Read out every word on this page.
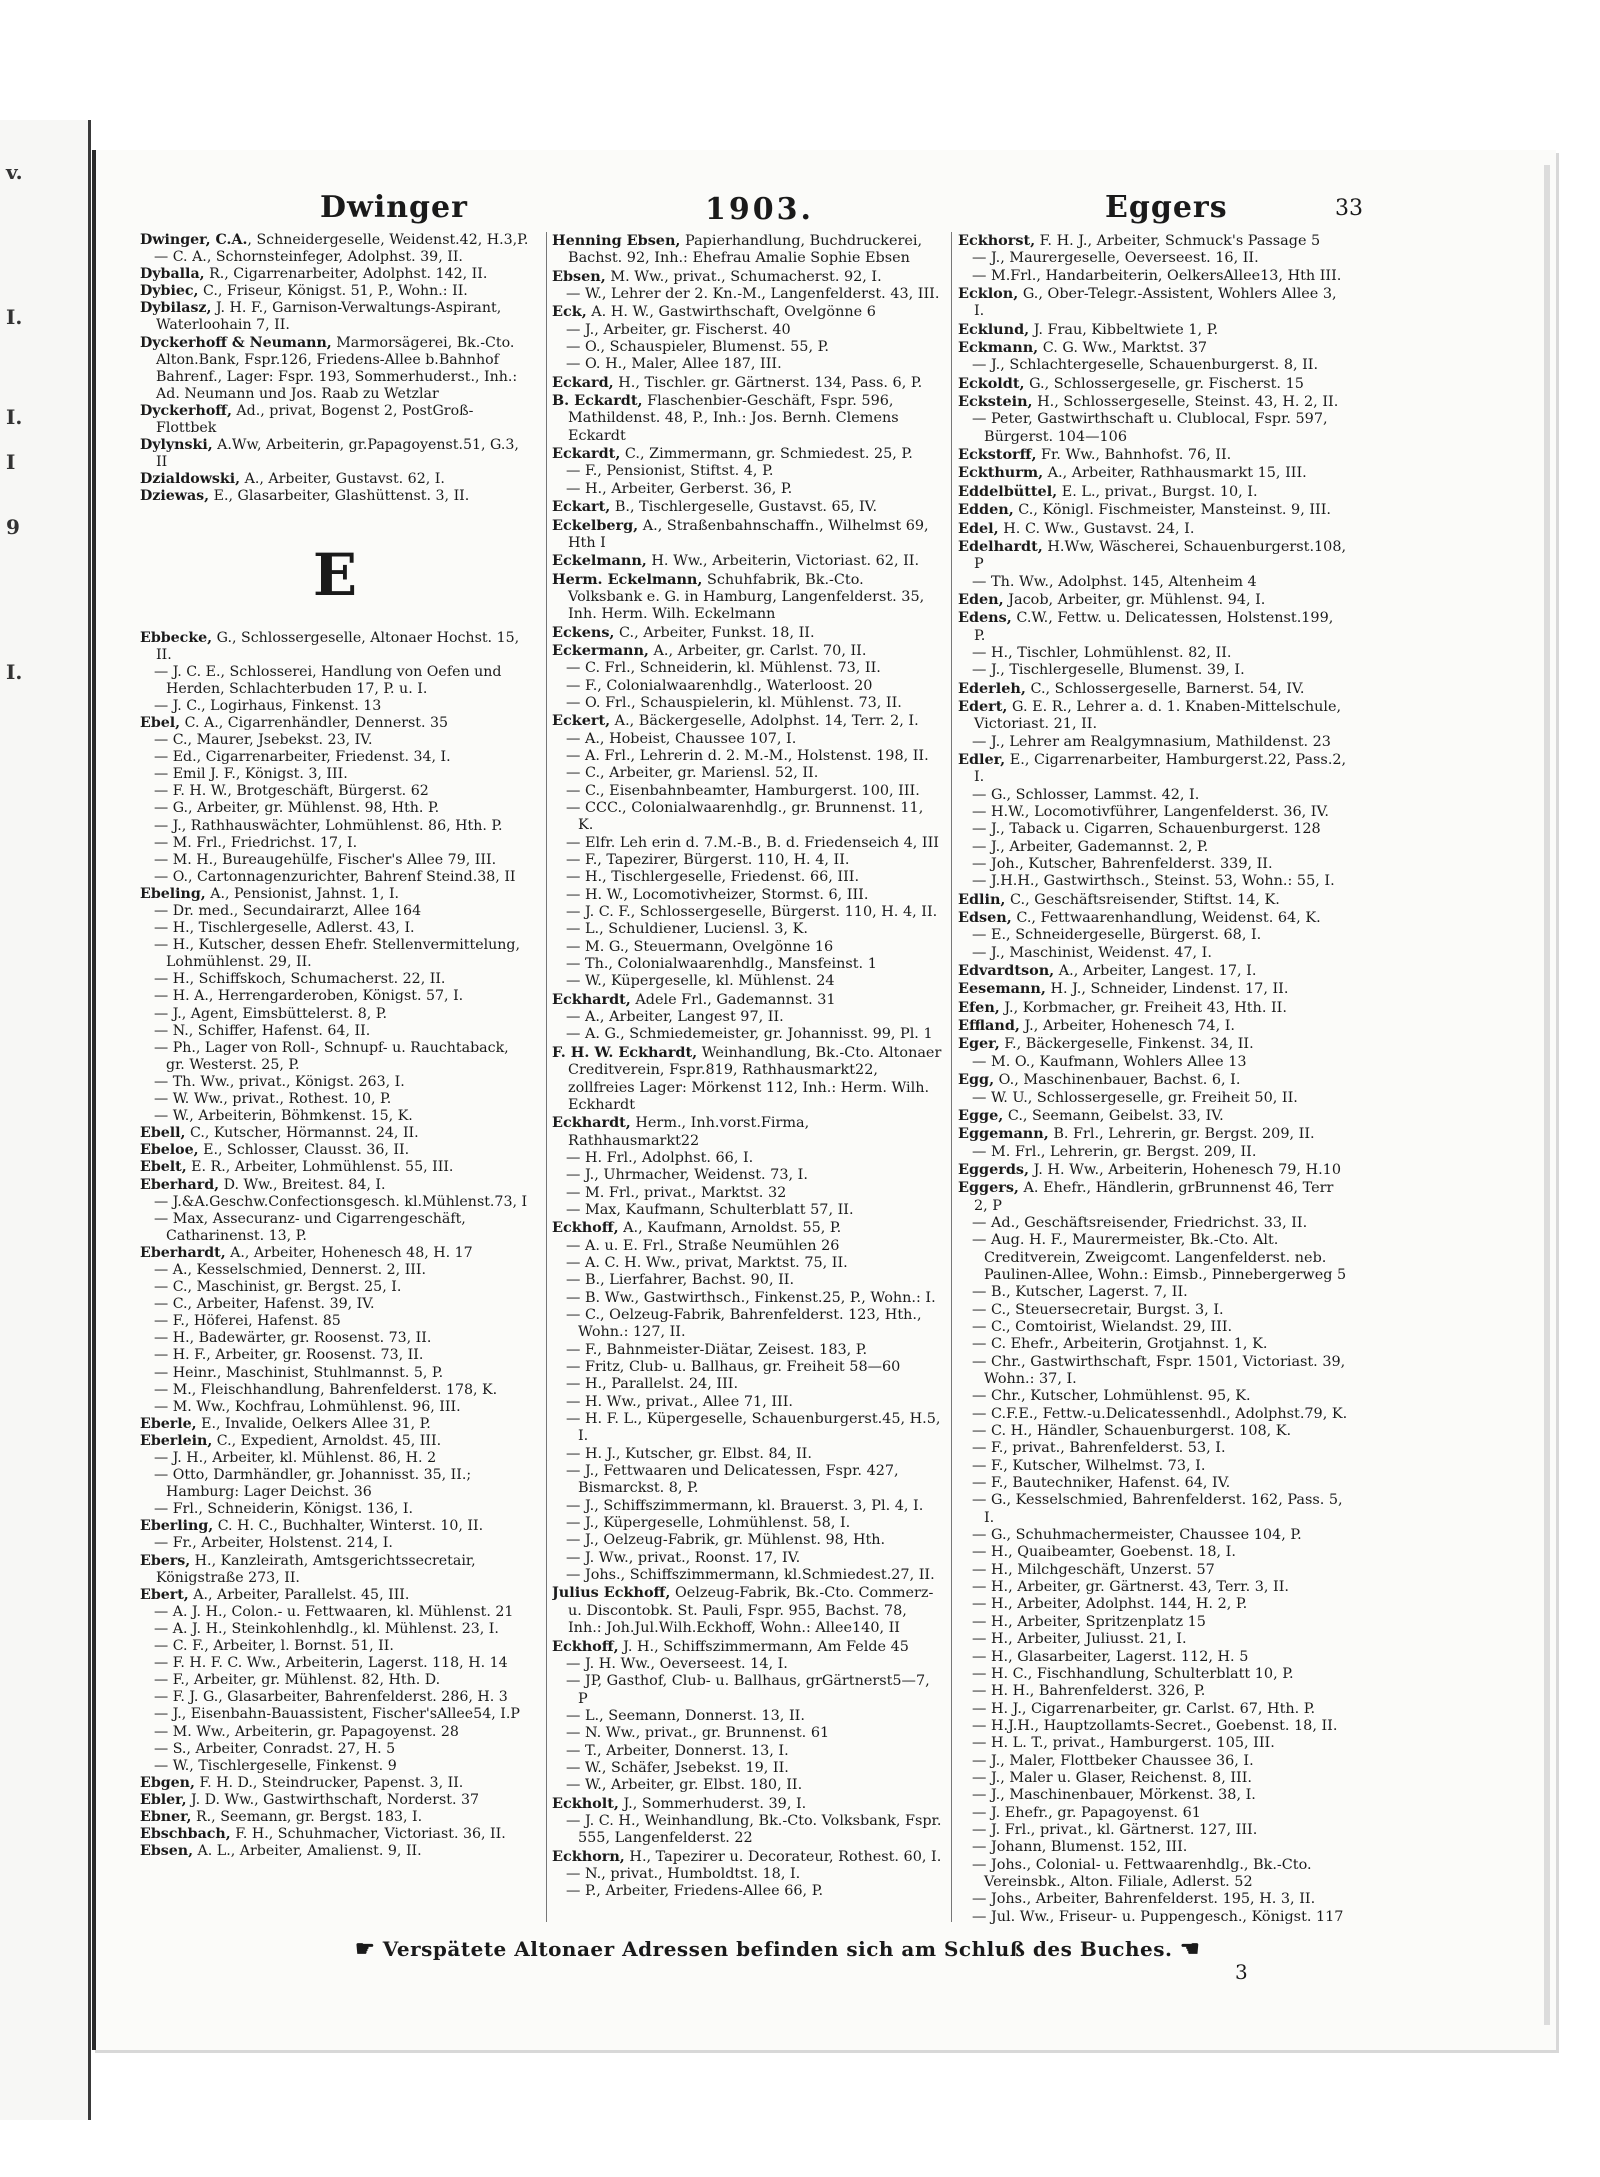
v.
I.
I.
I
9
I.
Dwinger	1903.	Eggers	33
Dwinger, C.A., Schneidergeselle, Weidenst.42, H.3,P.
— C. A., Schornsteinfeger, Adolphst. 39, II.
Dyballa, R., Cigarrenarbeiter, Adolphst. 142, II.
Dybiec, C., Friseur, Königst. 51, P., Wohn.: II.
Dybilasz, J. H. F., Garnison-Verwaltungs-Aspirant, Waterloohain 7, II.
Dyckerhoff & Neumann, Marmorsägerei, Bk.-Cto. Alton.Bank, Fspr.126, Friedens-Allee b.Bahnhof Bahrenf., Lager: Fspr. 193, Sommerhuderst., Inh.: Ad. Neumann und Jos. Raab zu Wetzlar
Dyckerhoff, Ad., privat, Bogenst 2, PostGroß-Flottbek
Dylynski, A.Ww, Arbeiterin, gr.Papagoyenst.51, G.3, II
Dzialdowski, A., Arbeiter, Gustavst. 62, I.
Dziewas, E., Glasarbeiter, Glashüttenst. 3, II.
E
Ebbecke, G., Schlossergeselle, Altonaer Hochst. 15, II.
— J. C. E., Schlosserei, Handlung von Oefen und Herden, Schlachterbuden 17, P. u. I.
— J. C., Logirhaus, Finkenst. 13
Ebel, C. A., Cigarrenhändler, Dennerst. 35
— C., Maurer, Jsebekst. 23, IV.
— Ed., Cigarrenarbeiter, Friedenst. 34, I.
— Emil J. F., Königst. 3, III.
— F. H. W., Brotgeschäft, Bürgerst. 62
— G., Arbeiter, gr. Mühlenst. 98, Hth. P.
— J., Rathhauswächter, Lohmühlenst. 86, Hth. P.
— M. Frl., Friedrichst. 17, I.
— M. H., Bureaugehülfe, Fischer's Allee 79, III.
— O., Cartonnagenzurichter, Bahrenf Steind.38, II
Ebeling, A., Pensionist, Jahnst. 1, I.
— Dr. med., Secundairarzt, Allee 164
— H., Tischlergeselle, Adlerst. 43, I.
— H., Kutscher, dessen Ehefr. Stellenvermittelung, Lohmühlenst. 29, II.
— H., Schiffskoch, Schumacherst. 22, II.
— H. A., Herrengarderoben, Königst. 57, I.
— J., Agent, Eimsbüttelerst. 8, P.
— N., Schiffer, Hafenst. 64, II.
— Ph., Lager von Roll-, Schnupf- u. Rauchtaback, gr. Westerst. 25, P.
— Th. Ww., privat., Königst. 263, I.
— W. Ww., privat., Rothest. 10, P.
— W., Arbeiterin, Böhmkenst. 15, K.
Ebell, C., Kutscher, Hörmannst. 24, II.
Ebeloe, E., Schlosser, Clausst. 36, II.
Ebelt, E. R., Arbeiter, Lohmühlenst. 55, III.
Eberhard, D. Ww., Breitest. 84, I.
— J.&A.Geschw.Confectionsgesch. kl.Mühlenst.73, I
— Max, Assecuranz- und Cigarrengeschäft, Catharinenst. 13, P.
Eberhardt, A., Arbeiter, Hohenesch 48, H. 17
— A., Kesselschmied, Dennerst. 2, III.
— C., Maschinist, gr. Bergst. 25, I.
— C., Arbeiter, Hafenst. 39, IV.
— F., Höferei, Hafenst. 85
— H., Badewärter, gr. Roosenst. 73, II.
— H. F., Arbeiter, gr. Roosenst. 73, II.
— Heinr., Maschinist, Stuhlmannst. 5, P.
— M., Fleischhandlung, Bahrenfelderst. 178, K.
— M. Ww., Kochfrau, Lohmühlenst. 96, III.
Eberle, E., Invalide, Oelkers Allee 31, P.
Eberlein, C., Expedient, Arnoldst. 45, III.
— J. H., Arbeiter, kl. Mühlenst. 86, H. 2
— Otto, Darmhändler, gr. Johannisst. 35, II.; Hamburg: Lager Deichst. 36
— Frl., Schneiderin, Königst. 136, I.
Eberling, C. H. C., Buchhalter, Winterst. 10, II.
— Fr., Arbeiter, Holstenst. 214, I.
Ebers, H., Kanzleirath, Amtsgerichtssecretair, Königstraße 273, II.
Ebert, A., Arbeiter, Parallelst. 45, III.
— A. J. H., Colon.- u. Fettwaaren, kl. Mühlenst. 21
— A. J. H., Steinkohlenhdlg., kl. Mühlenst. 23, I.
— C. F., Arbeiter, l. Bornst. 51, II.
— F. H. F. C. Ww., Arbeiterin, Lagerst. 118, H. 14
— F., Arbeiter, gr. Mühlenst. 82, Hth. D.
— F. J. G., Glasarbeiter, Bahrenfelderst. 286, H. 3
— J., Eisenbahn-Bauassistent, Fischer'sAllee54, I.P
— M. Ww., Arbeiterin, gr. Papagoyenst. 28
— S., Arbeiter, Conradst. 27, H. 5
— W., Tischlergeselle, Finkenst. 9
Ebgen, F. H. D., Steindrucker, Papenst. 3, II.
Ebler, J. D. Ww., Gastwirthschaft, Norderst. 37
Ebner, R., Seemann, gr. Bergst. 183, I.
Ebschbach, F. H., Schuhmacher, Victoriast. 36, II.
Ebsen, A. L., Arbeiter, Amalienst. 9, II.
Henning Ebsen, Papierhandlung, Buchdruckerei, Bachst. 92, Inh.: Ehefrau Amalie Sophie Ebsen
Ebsen, M. Ww., privat., Schumacherst. 92, I.
— W., Lehrer der 2. Kn.-M., Langenfelderst. 43, III.
Eck, A. H. W., Gastwirthschaft, Ovelgönne 6
— J., Arbeiter, gr. Fischerst. 40
— O., Schauspieler, Blumenst. 55, P.
— O. H., Maler, Allee 187, III.
Eckard, H., Tischler. gr. Gärtnerst. 134, Pass. 6, P.
B. Eckardt, Flaschenbier-Geschäft, Fspr. 596, Mathildenst. 48, P., Inh.: Jos. Bernh. Clemens Eckardt
Eckardt, C., Zimmermann, gr. Schmiedest. 25, P.
— F., Pensionist, Stiftst. 4, P.
— H., Arbeiter, Gerberst. 36, P.
Eckart, B., Tischlergeselle, Gustavst. 65, IV.
Eckelberg, A., Straßenbahnschaffn., Wilhelmst 69, Hth I
Eckelmann, H. Ww., Arbeiterin, Victoriast. 62, II.
Herm. Eckelmann, Schuhfabrik, Bk.-Cto. Volksbank e. G. in Hamburg, Langenfelderst. 35, Inh. Herm. Wilh. Eckelmann
Eckens, C., Arbeiter, Funkst. 18, II.
Eckermann, A., Arbeiter, gr. Carlst. 70, II.
— C. Frl., Schneiderin, kl. Mühlenst. 73, II.
— F., Colonialwaarenhdlg., Waterloost. 20
— O. Frl., Schauspielerin, kl. Mühlenst. 73, II.
Eckert, A., Bäckergeselle, Adolphst. 14, Terr. 2, I.
— A., Hobeist, Chaussee 107, I.
— A. Frl., Lehrerin d. 2. M.-M., Holstenst. 198, II.
— C., Arbeiter, gr. Mariensl. 52, II.
— C., Eisenbahnbeamter, Hamburgerst. 100, III.
— CCC., Colonialwaarenhdlg., gr. Brunnenst. 11, K.
— Elfr. Leh erin d. 7.M.-B., B. d. Friedenseich 4, III
— F., Tapezirer, Bürgerst. 110, H. 4, II.
— H., Tischlergeselle, Friedenst. 66, III.
— H. W., Locomotivheizer, Stormst. 6, III.
— J. C. F., Schlossergeselle, Bürgerst. 110, H. 4, II.
— L., Schuldiener, Luciensl. 3, K.
— M. G., Steuermann, Ovelgönne 16
— Th., Colonialwaarenhdlg., Mansfeinst. 1
— W., Küpergeselle, kl. Mühlenst. 24
Eckhardt, Adele Frl., Gademannst. 31
— A., Arbeiter, Langest 97, II.
— A. G., Schmiedemeister, gr. Johannisst. 99, Pl. 1
F. H. W. Eckhardt, Weinhandlung, Bk.-Cto. Altonaer Creditverein, Fspr.819, Rathhausmarkt22, zollfreies Lager: Mörkenst 112, Inh.: Herm. Wilh. Eckhardt
Eckhardt, Herm., Inh.vorst.Firma, Rathhausmarkt22
— H. Frl., Adolphst. 66, I.
— J., Uhrmacher, Weidenst. 73, I.
— M. Frl., privat., Marktst. 32
— Max, Kaufmann, Schulterblatt 57, II.
Eckhoff, A., Kaufmann, Arnoldst. 55, P.
— A. u. E. Frl., Straße Neumühlen 26
— A. C. H. Ww., privat, Marktst. 75, II.
— B., Lierfahrer, Bachst. 90, II.
— B. Ww., Gastwirthsch., Finkenst.25, P., Wohn.: I.
— C., Oelzeug-Fabrik, Bahrenfelderst. 123, Hth., Wohn.: 127, II.
— F., Bahnmeister-Diätar, Zeisest. 183, P.
— Fritz, Club- u. Ballhaus, gr. Freiheit 58—60
— H., Parallelst. 24, III.
— H. Ww., privat., Allee 71, III.
— H. F. L., Küpergeselle, Schauenburgerst.45, H.5, I.
— H. J., Kutscher, gr. Elbst. 84, II.
— J., Fettwaaren und Delicatessen, Fspr. 427, Bismarckst. 8, P.
— J., Schiffszimmermann, kl. Brauerst. 3, Pl. 4, I.
— J., Küpergeselle, Lohmühlenst. 58, I.
— J., Oelzeug-Fabrik, gr. Mühlenst. 98, Hth.
— J. Ww., privat., Roonst. 17, IV.
— Johs., Schiffszimmermann, kl.Schmiedest.27, II.
Julius Eckhoff, Oelzeug-Fabrik, Bk.-Cto. Commerz- u. Discontobk. St. Pauli, Fspr. 955, Bachst. 78, Inh.: Joh.Jul.Wilh.Eckhoff, Wohn.: Allee140, II
Eckhoff, J. H., Schiffszimmermann, Am Felde 45
— J. H. Ww., Oeverseest. 14, I.
— JP, Gasthof, Club- u. Ballhaus, grGärtnerst5—7, P
— L., Seemann, Donnerst. 13, II.
— N. Ww., privat., gr. Brunnenst. 61
— T., Arbeiter, Donnerst. 13, I.
— W., Schäfer, Jsebekst. 19, II.
— W., Arbeiter, gr. Elbst. 180, II.
Eckholt, J., Sommerhuderst. 39, I.
— J. C. H., Weinhandlung, Bk.-Cto. Volksbank, Fspr. 555, Langenfelderst. 22
Eckhorn, H., Tapezirer u. Decorateur, Rothest. 60, I.
— N., privat., Humboldtst. 18, I.
— P., Arbeiter, Friedens-Allee 66, P.
Eckhorst, F. H. J., Arbeiter, Schmuck's Passage 5
— J., Maurergeselle, Oeverseest. 16, II.
— M.Frl., Handarbeiterin, OelkersAllee13, Hth III.
Ecklon, G., Ober-Telegr.-Assistent, Wohlers Allee 3, I.
Ecklund, J. Frau, Kibbeltwiete 1, P.
Eckmann, C. G. Ww., Marktst. 37
— J., Schlachtergeselle, Schauenburgerst. 8, II.
Eckoldt, G., Schlossergeselle, gr. Fischerst. 15
Eckstein, H., Schlossergeselle, Steinst. 43, H. 2, II.
— Peter, Gastwirthschaft u. Clublocal, Fspr. 597, Bürgerst. 104—106
Eckstorff, Fr. Ww., Bahnhofst. 76, II.
Eckthurm, A., Arbeiter, Rathhausmarkt 15, III.
Eddelbüttel, E. L., privat., Burgst. 10, I.
Edden, C., Königl. Fischmeister, Mansteinst. 9, III.
Edel, H. C. Ww., Gustavst. 24, I.
Edelhardt, H.Ww, Wäscherei, Schauenburgerst.108, P
— Th. Ww., Adolphst. 145, Altenheim 4
Eden, Jacob, Arbeiter, gr. Mühlenst. 94, I.
Edens, C.W., Fettw. u. Delicatessen, Holstenst.199, P.
— H., Tischler, Lohmühlenst. 82, II.
— J., Tischlergeselle, Blumenst. 39, I.
Ederleh, C., Schlossergeselle, Barnerst. 54, IV.
Edert, G. E. R., Lehrer a. d. 1. Knaben-Mittelschule, Victoriast. 21, II.
— J., Lehrer am Realgymnasium, Mathildenst. 23
Edler, E., Cigarrenarbeiter, Hamburgerst.22, Pass.2, I.
— G., Schlosser, Lammst. 42, I.
— H.W., Locomotivführer, Langenfelderst. 36, IV.
— J., Taback u. Cigarren, Schauenburgerst. 128
— J., Arbeiter, Gademannst. 2, P.
— Joh., Kutscher, Bahrenfelderst. 339, II.
— J.H.H., Gastwirthsch., Steinst. 53, Wohn.: 55, I.
Edlin, C., Geschäftsreisender, Stiftst. 14, K.
Edsen, C., Fettwaarenhandlung, Weidenst. 64, K.
— E., Schneidergeselle, Bürgerst. 68, I.
— J., Maschinist, Weidenst. 47, I.
Edvardtson, A., Arbeiter, Langest. 17, I.
Eesemann, H. J., Schneider, Lindenst. 17, II.
Efen, J., Korbmacher, gr. Freiheit 43, Hth. II.
Effland, J., Arbeiter, Hohenesch 74, I.
Eger, F., Bäckergeselle, Finkenst. 34, II.
— M. O., Kaufmann, Wohlers Allee 13
Egg, O., Maschinenbauer, Bachst. 6, I.
— W. U., Schlossergeselle, gr. Freiheit 50, II.
Egge, C., Seemann, Geibelst. 33, IV.
Eggemann, B. Frl., Lehrerin, gr. Bergst. 209, II.
— M. Frl., Lehrerin, gr. Bergst. 209, II.
Eggerds, J. H. Ww., Arbeiterin, Hohenesch 79, H.10
Eggers, A. Ehefr., Händlerin, grBrunnenst 46, Terr 2, P
— Ad., Geschäftsreisender, Friedrichst. 33, II.
— Aug. H. F., Maurermeister, Bk.-Cto. Alt. Creditverein, Zweigcomt. Langenfelderst. neb. Paulinen-Allee, Wohn.: Eimsb., Pinnebergerweg 5
— B., Kutscher, Lagerst. 7, II.
— C., Steuersecretair, Burgst. 3, I.
— C., Comtoirist, Wielandst. 29, III.
— C. Ehefr., Arbeiterin, Grotjahnst. 1, K.
— Chr., Gastwirthschaft, Fspr. 1501, Victoriast. 39, Wohn.: 37, I.
— Chr., Kutscher, Lohmühlenst. 95, K.
— C.F.E., Fettw.-u.Delicatessenhdl., Adolphst.79, K.
— C. H., Händler, Schauenburgerst. 108, K.
— F., privat., Bahrenfelderst. 53, I.
— F., Kutscher, Wilhelmst. 73, I.
— F., Bautechniker, Hafenst. 64, IV.
— G., Kesselschmied, Bahrenfelderst. 162, Pass. 5, I.
— G., Schuhmachermeister, Chaussee 104, P.
— H., Quaibeamter, Goebenst. 18, I.
— H., Milchgeschäft, Unzerst. 57
— H., Arbeiter, gr. Gärtnerst. 43, Terr. 3, II.
— H., Arbeiter, Adolphst. 144, H. 2, P.
— H., Arbeiter, Spritzenplatz 15
— H., Arbeiter, Juliusst. 21, I.
— H., Glasarbeiter, Lagerst. 112, H. 5
— H. C., Fischhandlung, Schulterblatt 10, P.
— H. H., Bahrenfelderst. 326, P.
— H. J., Cigarrenarbeiter, gr. Carlst. 67, Hth. P.
— H.J.H., Hauptzollamts-Secret., Goebenst. 18, II.
— H. L. T., privat., Hamburgerst. 105, III.
— J., Maler, Flottbeker Chaussee 36, I.
— J., Maler u. Glaser, Reichenst. 8, III.
— J., Maschinenbauer, Mörkenst. 38, I.
— J. Ehefr., gr. Papagoyenst. 61
— J. Frl., privat., kl. Gärtnerst. 127, III.
— Johann, Blumenst. 152, III.
— Johs., Colonial- u. Fettwaarenhdlg., Bk.-Cto. Vereinsbk., Alton. Filiale, Adlerst. 52
— Johs., Arbeiter, Bahrenfelderst. 195, H. 3, II.
— Jul. Ww., Friseur- u. Puppengesch., Königst. 117
☛ Verspätete Altonaer Adressen befinden sich am Schluß des Buches. ☚
3
